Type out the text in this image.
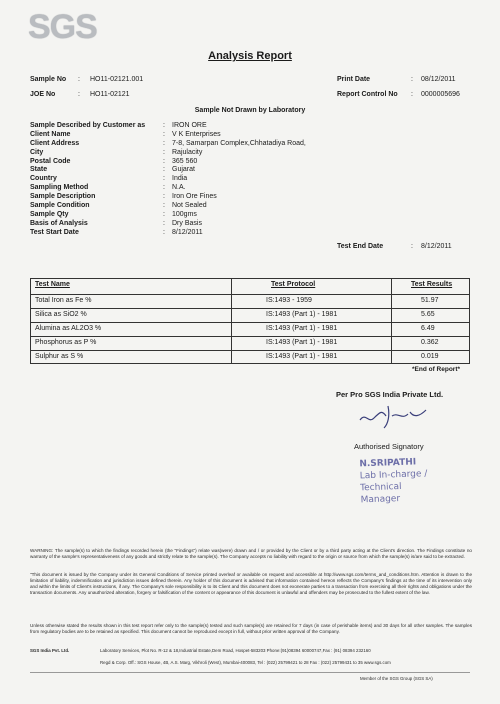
SGS
Analysis Report
Sample No : HO11-02121.001
JOE No	: HO11-02121
Print Date	: 08/12/2011
Report Control No : 0000005696
Sample Not Drawn by Laboratory
Sample Described by Customer as	: IRON ORE
Client Name	: V K Enterprises
Client Address	: 7-8, Samarpan Complex,Chhatadiya Road,
City	: Rajulacity
Postal Code	: 365 560
State	: Gujarat
Country	: India
Sampling Method	: N.A.
Sample Description	: Iron Ore Fines
Sample Condition	: Not Sealed
Sample Qty	: 100gms
Basis of Analysis	: Dry Basis
Test Start Date	: 8/12/2011
Test End Date	: 8/12/2011
Test Name	Test Protocol	Test Results
Total Iron as Fe %	IS:1493 - 1959	51.97
Silica as SiO2 %	IS:1493 (Part 1) - 1981	5.65
Alumina as AL2O3 %	IS:1493 (Part 1) - 1981	6.49
Phosphorus as P %	IS:1493 (Part 1) - 1981	0.362
Sulphur as S %	IS:1493 (Part 1) - 1981	0.019
*End of Report*
Per Pro SGS India Private Ltd.
Authorised Signatory
N.SRIPATHI
Lab In-charge /
Technical Manager
WARNING: The sample(s) to which the findings recorded herein (the "Findings") relate was(were) drawn and / or provided by the Client or by a third party acting at the Client's direction. The Findings constitute no warranty of the sample's representativeness of any goods and strictly relate to the sample(s). The Company accepts no liability with regard to the origin or source from which the sample(s) is/are said to be extracted.
"This document is issued by the Company under its General Conditions of Service printed overleaf or available on request and accessible at http://www.sgs.com/terms_and_conditions.htm. Attention is drawn to the limitation of liability, indemnification and jurisdiction issues defined therein. Any holder of this document is advised that information contained hereon reflects the Company's findings at the time of its intervention only and within the limits of Client's instructions, if any. The Company's sole responsibility is to its Client and this document does not exonerate parties to a transaction from exercising all their rights and obligations under the transaction documents. Any unauthorized alteration, forgery or falsification of the content or appearance of this document is unlawful and offenders may be prosecuted to the fullest extent of the law.
Unless otherwise stated the results shown in this test report refer only to the sample(s) tested and such sample(s) are retained for 7 days (in case of perishable items) and 30 days for all other samples. The samples from regulatory bodies are to be retained as specified. This document cannot be reproduced except in full, without prior written approval of the Company.
SGS India Pvt. Ltd.	Laboratory Services, Plot No. R-12 & 18,Industrial Estate,Dem Road, Hospet-583203 Phone:(91)08394 60000747,Fax : (91) 08394 232160
Regd & Corp. Off.: SGS House, 4B, A.S. Marg, Vikhroli (West), Mumbai-400083, Tel : (022) 25799421 to 28 Fax : (022) 25799431 to 35 www.sgs.com
Member of the SGS Group (SGS SA)
